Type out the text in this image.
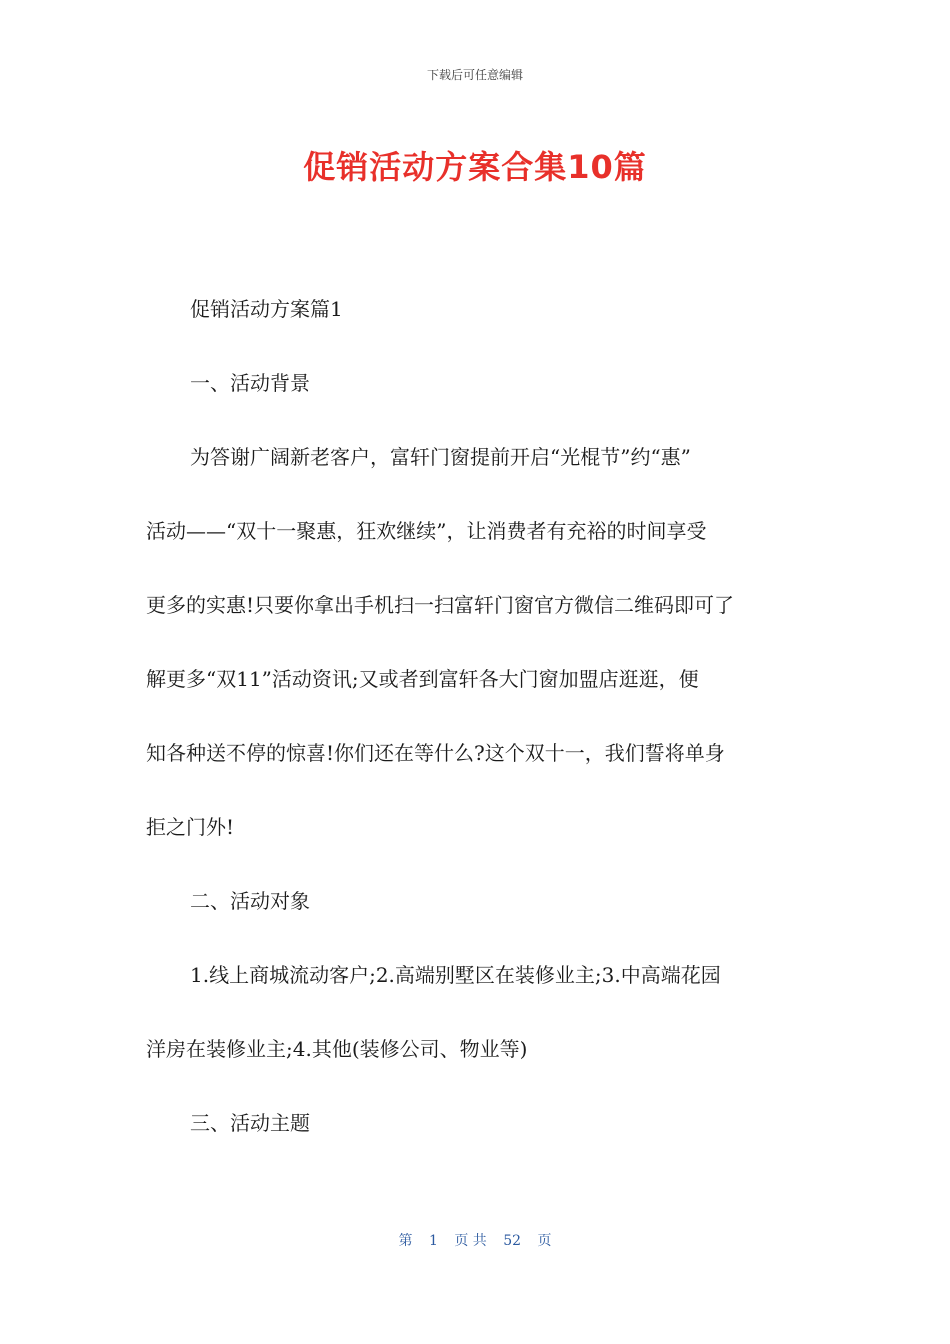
下载后可任意编辑
促销活动方案合集10篇

促销活动方案篇1

一、活动背景

为答谢广阔新老客户，富轩门窗提前开启“光棍节”约“惠”

活动——“双十一聚惠，狂欢继续”，让消费者有充裕的时间享受

更多的实惠!只要你拿出手机扫一扫富轩门窗官方微信二维码即可了

解更多“双11”活动资讯;又或者到富轩各大门窗加盟店逛逛，便

知各种送不停的惊喜!你们还在等什么?这个双十一，我们誓将单身

拒之门外!

二、活动对象

1.线上商城流动客户;2.高端别墅区在装修业主;3.中高端花园

洋房在装修业主;4.其他(装修公司、物业等)

三、活动主题

第 1 页 共 52 页
